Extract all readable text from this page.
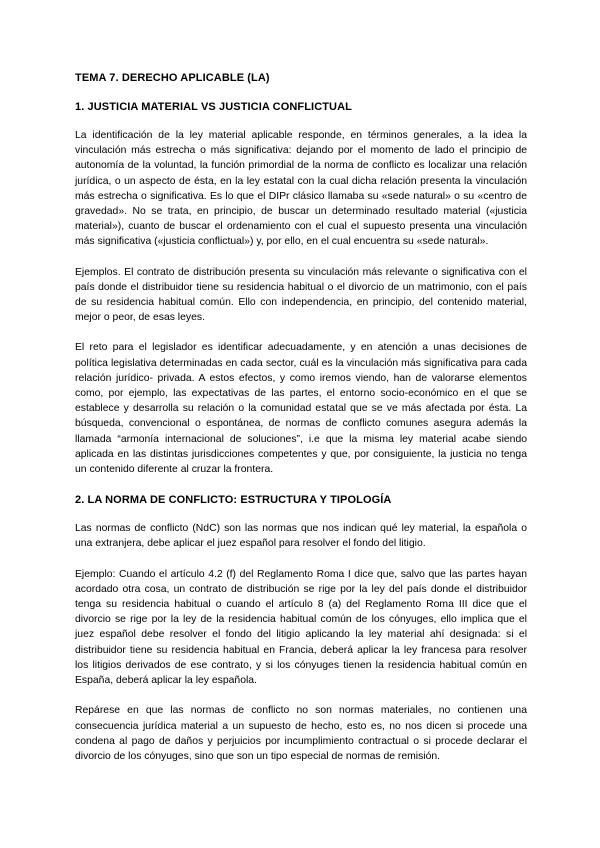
TEMA 7. DERECHO APLICABLE (LA)
1. JUSTICIA MATERIAL VS JUSTICIA CONFLICTUAL

La identificación de la ley material aplicable responde, en términos generales, a la idea la vinculación más estrecha o más significativa: dejando por el momento de lado el principio de autonomía de la voluntad, la función primordial de la norma de conflicto es localizar una relación jurídica, o un aspecto de ésta, en la ley estatal con la cual dicha relación presenta la vinculación más estrecha o significativa. Es lo que el DIPr clásico llamaba su «sede natural» o su «centro de gravedad». No se trata, en principio, de buscar un determinado resultado material («justicia material»), cuanto de buscar el ordenamiento con el cual el supuesto presenta una vinculación más significativa («justicia conflictual») y, por ello, en el cual encuentra su «sede natural».

Ejemplos. El contrato de distribución presenta su vinculación más relevante o significativa con el país donde el distribuidor tiene su residencia habitual o el divorcio de un matrimonio, con el país de su residencia habitual común. Ello con independencia, en principio, del contenido material, mejor o peor, de esas leyes.

El reto para el legislador es identificar adecuadamente, y en atención a unas decisiones de política legislativa determinadas en cada sector, cuál es la vinculación más significativa para cada relación jurídico- privada. A estos efectos, y como iremos viendo, han de valorarse elementos como, por ejemplo, las expectativas de las partes, el entorno socio-económico en el que se establece y desarrolla su relación o la comunidad estatal que se ve más afectada por ésta. La búsqueda, convencional o espontánea, de normas de conflicto comunes asegura además la llamada “armonía internacional de soluciones”, i.e que la misma ley material acabe siendo aplicada en las distintas jurisdicciones competentes y que, por consiguiente, la justicia no tenga un contenido diferente al cruzar la frontera.

2. LA NORMA DE CONFLICTO: ESTRUCTURA Y TIPOLOGÍA

Las normas de conflicto (NdC) son las normas que nos indican qué ley material, la española o una extranjera, debe aplicar el juez español para resolver el fondo del litigio.

Ejemplo: Cuando el artículo 4.2 (f) del Reglamento Roma I dice que, salvo que las partes hayan acordado otra cosa, un contrato de distribución se rige por la ley del país donde el distribuidor tenga su residencia habitual o cuando el artículo 8 (a) del Reglamento Roma III dice que el divorcio se rige por la ley de la residencia habitual común de los cónyuges, ello implica que el juez español debe resolver el fondo del litigio aplicando la ley material ahí designada: si el distribuidor tiene su residencia habitual en Francia, deberá aplicar la ley francesa para resolver los litigios derivados de ese contrato, y si los cónyuges tienen la residencia habitual común en España, deberá aplicar la ley española.

Repárese en que las normas de conflicto no son normas materiales, no contienen una consecuencia jurídica material a un supuesto de hecho, esto es, no nos dicen si procede una condena al pago de daños y perjuicios por incumplimiento contractual o si procede declarar el divorcio de los cónyuges, sino que son un tipo especial de normas de remisión.
